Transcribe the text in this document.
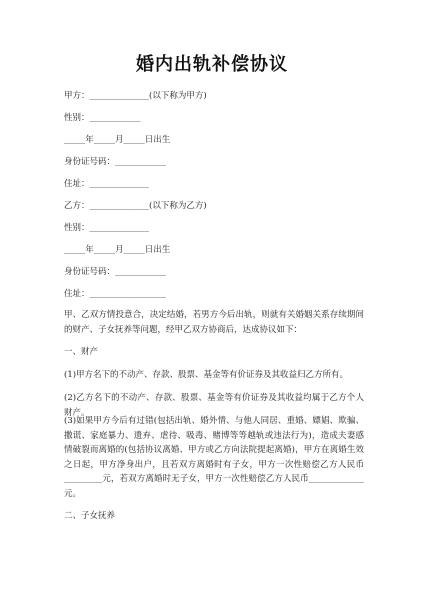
婚内出轨补偿协议
甲方：______________(以下称为甲方)
性别：____________
_____年_____月_____日出生
身份证号码：____________
住址：______________
乙方：______________(以下称为乙方)
性别：______________
_____年_____月_____日出生
身份证号码：____________
住址：__________________
甲、乙双方情投意合，决定结婚，若男方今后出轨，则就有关婚姻关系存续期间的财产、子女抚养等问题，经甲乙双方协商后，达成协议如下：
一、财产
(1)甲方名下的不动产、存款、股票、基金等有价证券及其收益归乙方所有。
(2)乙方名下的不动产、存款、股票、基金等有价证券及其收益均属于乙方个人财产。
(3)如果甲方今后有过错(包括出轨、婚外情、与他人同居、重婚、嫖娼、欺骗、撒谎、家庭暴力、遗弃、虐待、吸毒、赌博等等越轨或违法行为)，造成夫妻感情破裂而离婚的(包括协议离婚、甲方或乙方向法院提起离婚)，甲方在离婚生效之日起，甲方净身出户，且若双方离婚时有子女，甲方一次性赔偿乙方人民币_________元，若双方离婚时无子女，甲方一次性赔偿乙方人民币_____________元。
二、子女抚养
